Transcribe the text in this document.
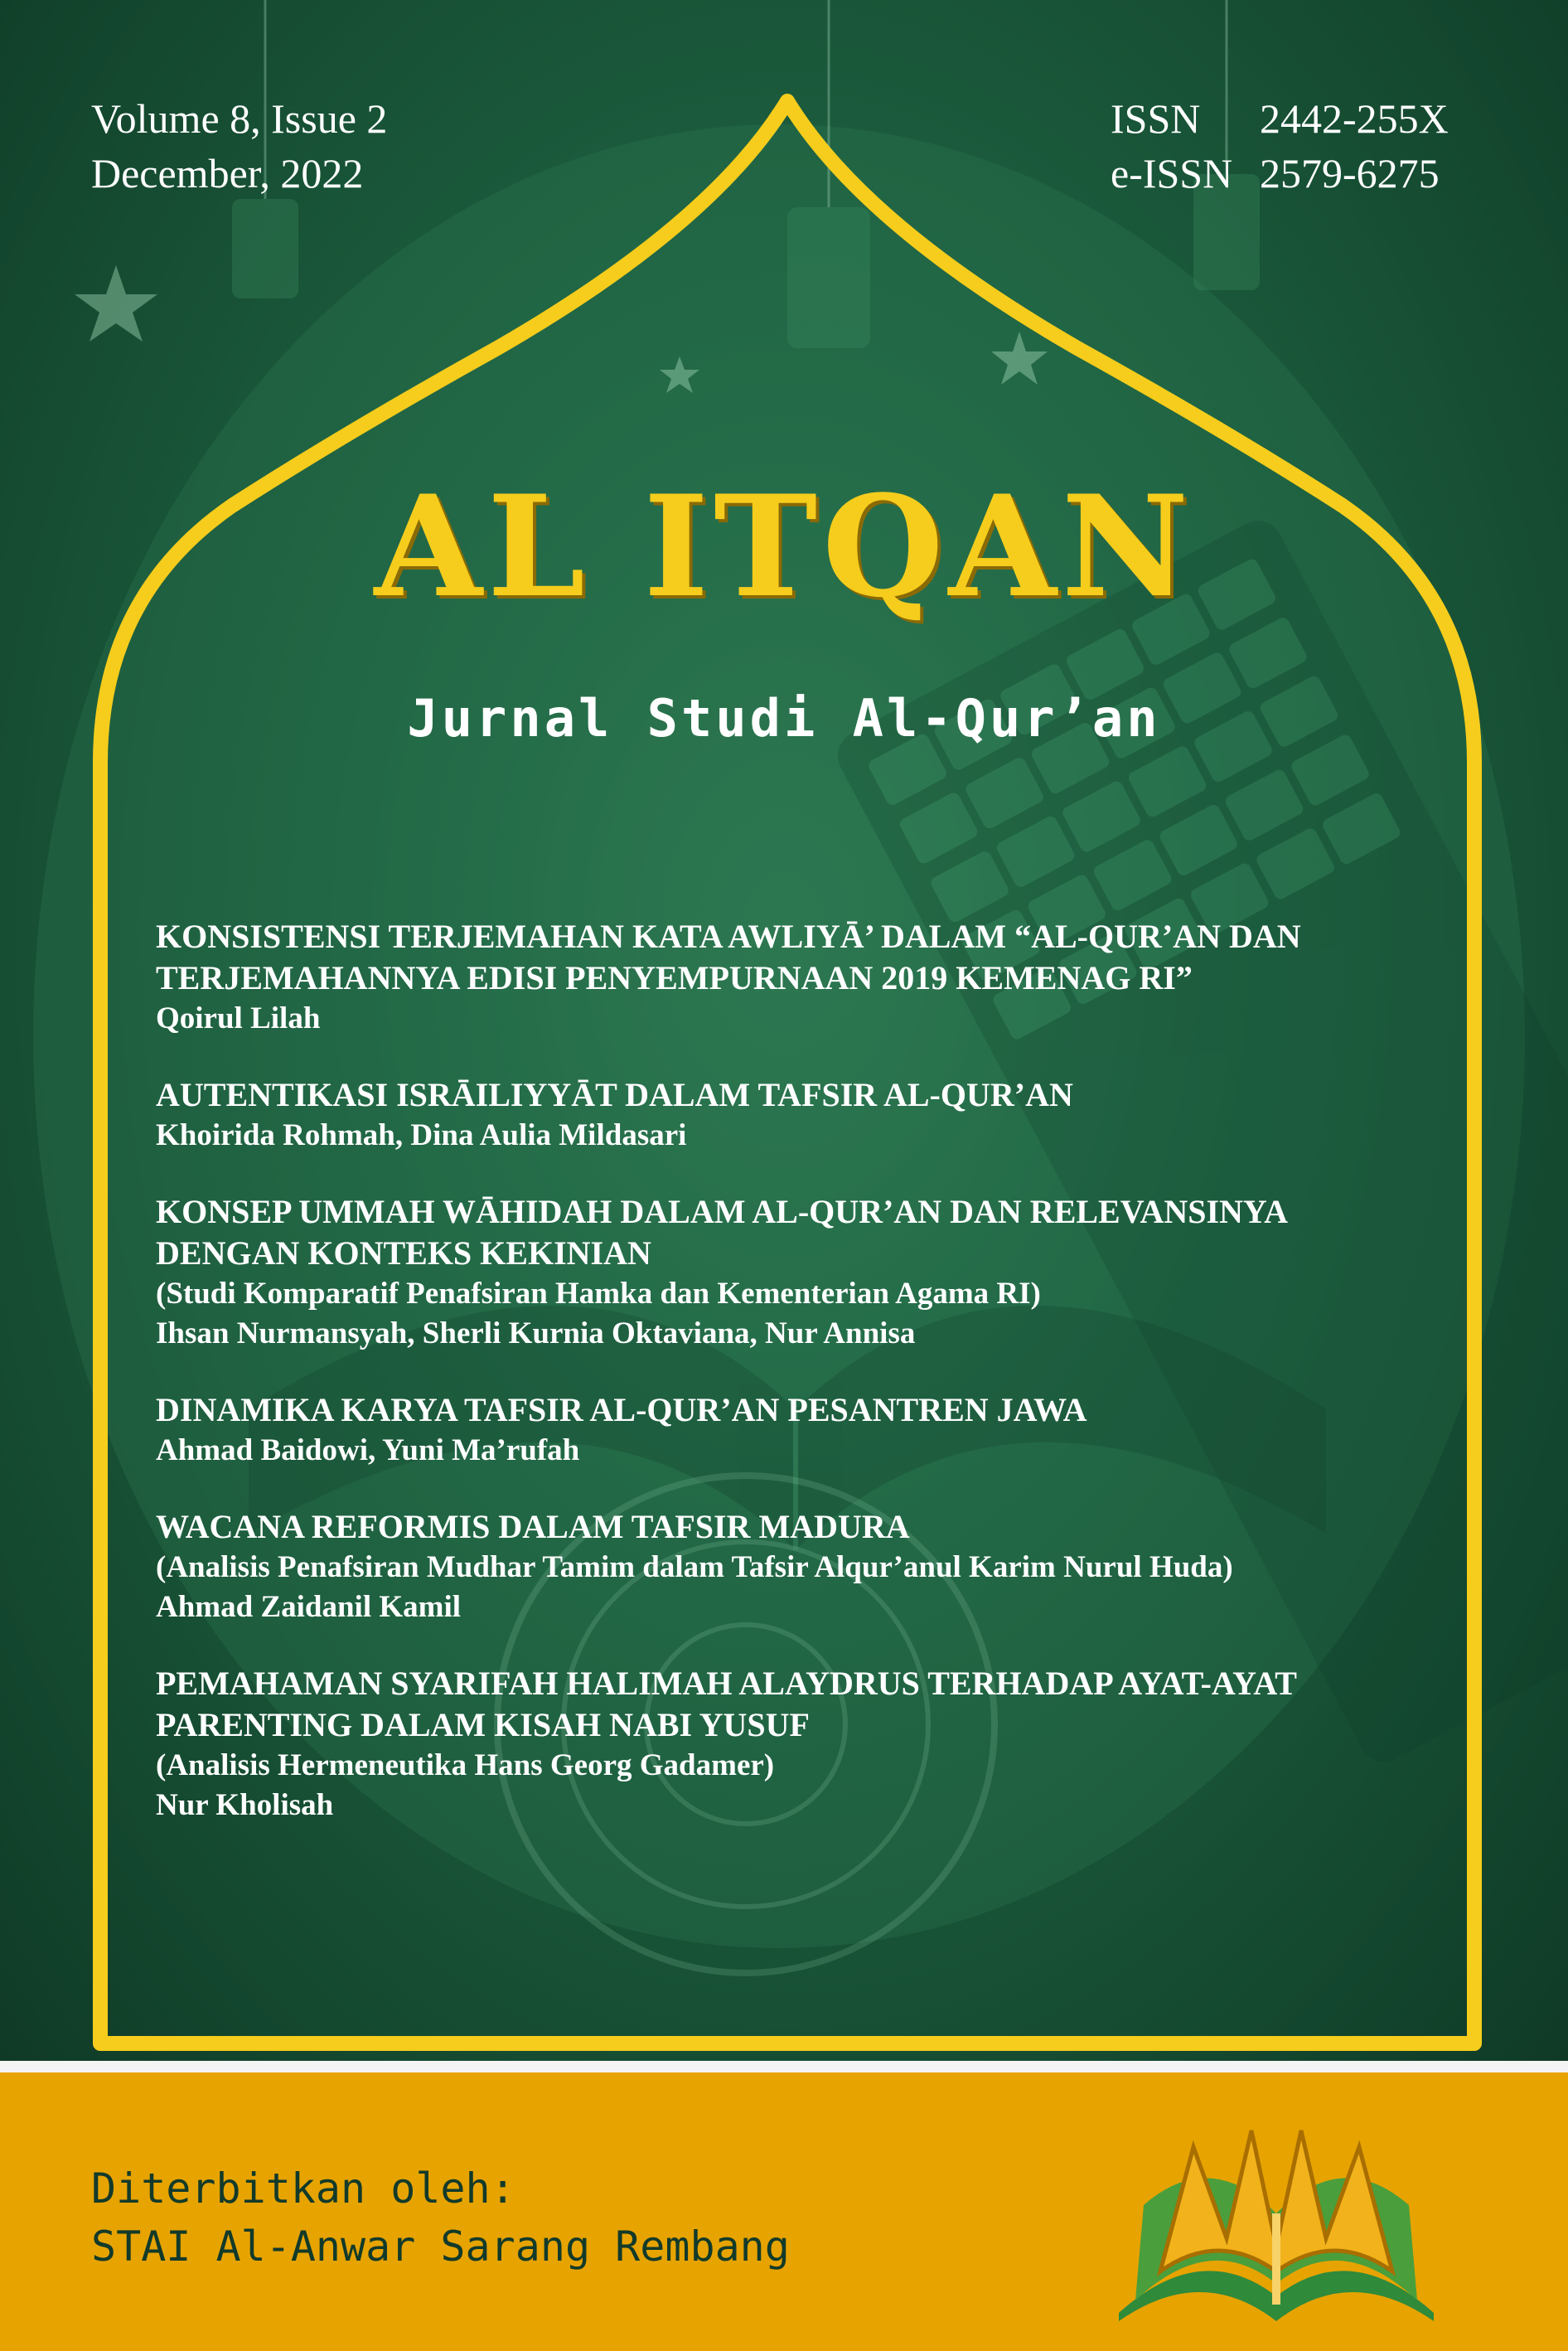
Volume 8, Issue 2
December, 2022
ISSN	2442-255X
e-ISSN 2579-6275
AL ITQAN
Jurnal Studi Al-Qur’an
KONSISTENSI TERJEMAHAN KATA AWLIYĀ’ DALAM “AL-QUR’AN DAN TERJEMAHANNYA EDISI PENYEMPURNAAN 2019 KEMENAG RI”
Qoirul Lilah
AUTENTIKASI ISRĀILIYYĀT DALAM TAFSIR AL-QUR’AN
Khoirida Rohmah, Dina Aulia Mildasari
KONSEP UMMAH WĀHIDAH DALAM AL-QUR’AN DAN RELEVANSINYA DENGAN KONTEKS KEKINIAN
(Studi Komparatif Penafsiran Hamka dan Kementerian Agama RI)
Ihsan Nurmansyah, Sherli Kurnia Oktaviana, Nur Annisa
DINAMIKA KARYA TAFSIR AL-QUR’AN PESANTREN JAWA
Ahmad Baidowi, Yuni Ma’rufah
WACANA REFORMIS DALAM TAFSIR MADURA
(Analisis Penafsiran Mudhar Tamim dalam Tafsir Alqur’anul Karim Nurul Huda)
Ahmad Zaidanil Kamil
PEMAHAMAN SYARIFAH HALIMAH ALAYDRUS TERHADAP AYAT-AYAT PARENTING DALAM KISAH NABI YUSUF
(Analisis Hermeneutika Hans Georg Gadamer)
Nur Kholisah
Diterbitkan oleh:
STAI Al-Anwar Sarang Rembang
